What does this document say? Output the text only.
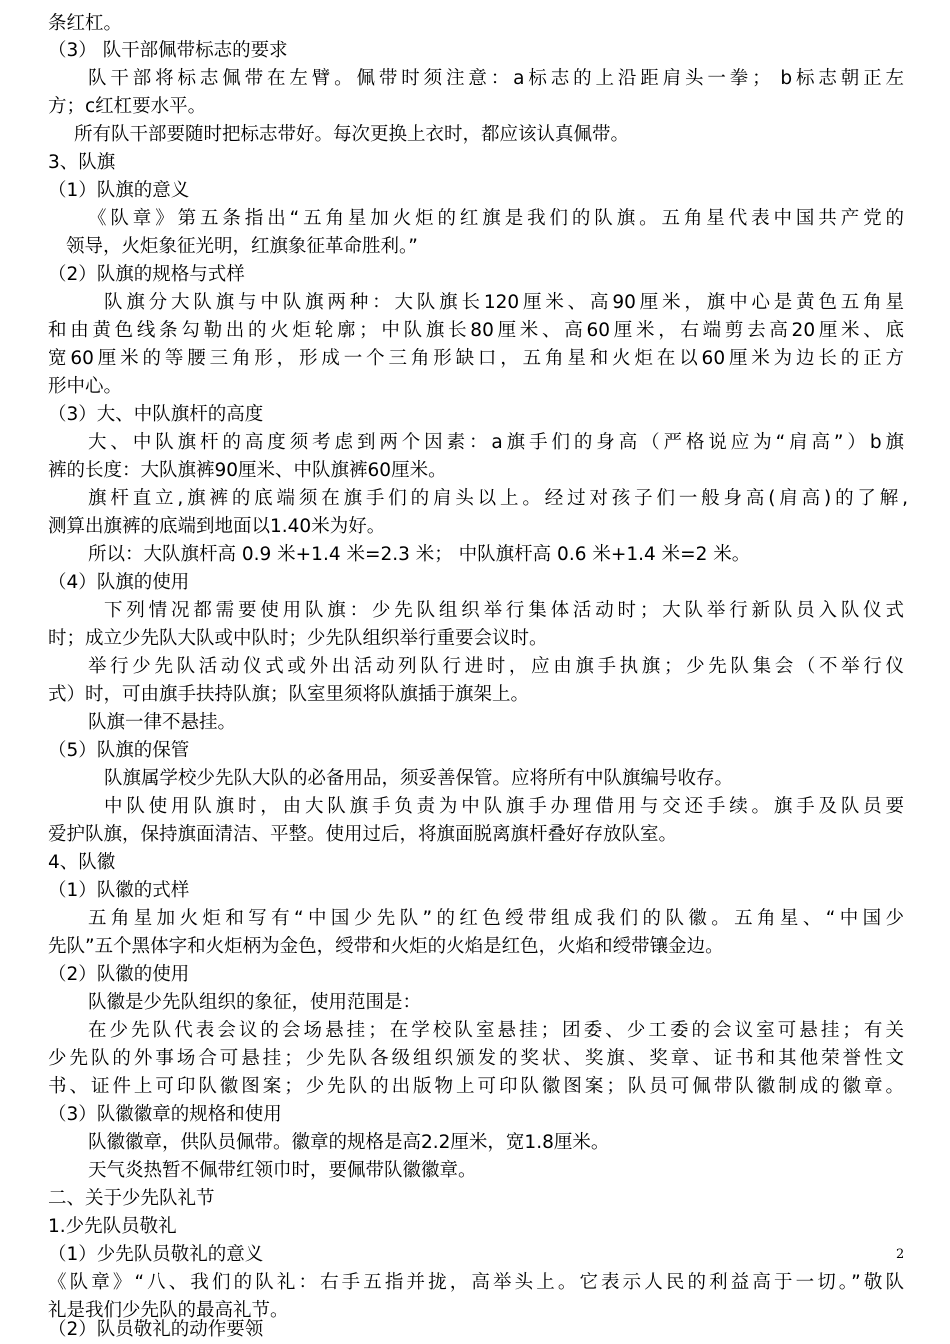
条红杠。
（3） 队干部佩带标志的要求
队干部将标志佩带在左臂。佩带时须注意：a标志的上沿距肩头一拳； b标志朝正左
方；c红杠要水平。
所有队干部要随时把标志带好。每次更换上衣时，都应该认真佩带。
3、队旗
（1）队旗的意义
《队章》第五条指出“五角星加火炬的红旗是我们的队旗。五角星代表中国共产党的
领导，火炬象征光明，红旗象征革命胜利。”
（2）队旗的规格与式样
队旗分大队旗与中队旗两种：大队旗长120厘米、高90厘米，旗中心是黄色五角星
和由黄色线条勾勒出的火炬轮廓；中队旗长80厘米、高60厘米，右端剪去高20厘米、底
宽60厘米的等腰三角形，形成一个三角形缺口，五角星和火炬在以60厘米为边长的正方
形中心。
（3）大、中队旗杆的高度
大、中队旗杆的高度须考虑到两个因素：a旗手们的身高（严格说应为“肩高”）b旗
裤的长度：大队旗裤90厘米、中队旗裤60厘米。
旗杆直立,旗裤的底端须在旗手们的肩头以上。经过对孩子们一般身高(肩高)的了解,
测算出旗裤的底端到地面以1.40米为好。
所以：大队旗杆高 0.9 米+1.4 米=2.3 米； 中队旗杆高 0.6 米+1.4 米=2 米。
（4）队旗的使用
下列情况都需要使用队旗：少先队组织举行集体活动时；大队举行新队员入队仪式
时；成立少先队大队或中队时；少先队组织举行重要会议时。
举行少先队活动仪式或外出活动列队行进时，应由旗手执旗；少先队集会（不举行仪
式）时，可由旗手扶持队旗；队室里须将队旗插于旗架上。
队旗一律不悬挂。
（5）队旗的保管
队旗属学校少先队大队的必备用品，须妥善保管。应将所有中队旗编号收存。
中队使用队旗时，由大队旗手负责为中队旗手办理借用与交还手续。旗手及队员要
爱护队旗，保持旗面清洁、平整。使用过后，将旗面脱离旗杆叠好存放队室。
4、队徽
（1）队徽的式样
五角星加火炬和写有“中国少先队”的红色绶带组成我们的队徽。五角星、“中国少
先队”五个黑体字和火炬柄为金色，绶带和火炬的火焰是红色，火焰和绶带镶金边。
（2）队徽的使用
队徽是少先队组织的象征，使用范围是：
在少先队代表会议的会场悬挂；在学校队室悬挂；团委、少工委的会议室可悬挂；有关
少先队的外事场合可悬挂；少先队各级组织颁发的奖状、奖旗、奖章、证书和其他荣誉性文
书、证件上可印队徽图案；少先队的出版物上可印队徽图案；队员可佩带队徽制成的徽章。
（3）队徽徽章的规格和使用
队徽徽章，供队员佩带。徽章的规格是高2.2厘米，宽1.8厘米。
天气炎热暂不佩带红领巾时，要佩带队徽徽章。
二、关于少先队礼节
1.少先队员敬礼
（1）少先队员敬礼的意义
《队章》“八、我们的队礼：右手五指并拢，高举头上。它表示人民的利益高于一切。”敬队
礼是我们少先队的最高礼节。
（2）队员敬礼的动作要领
2
